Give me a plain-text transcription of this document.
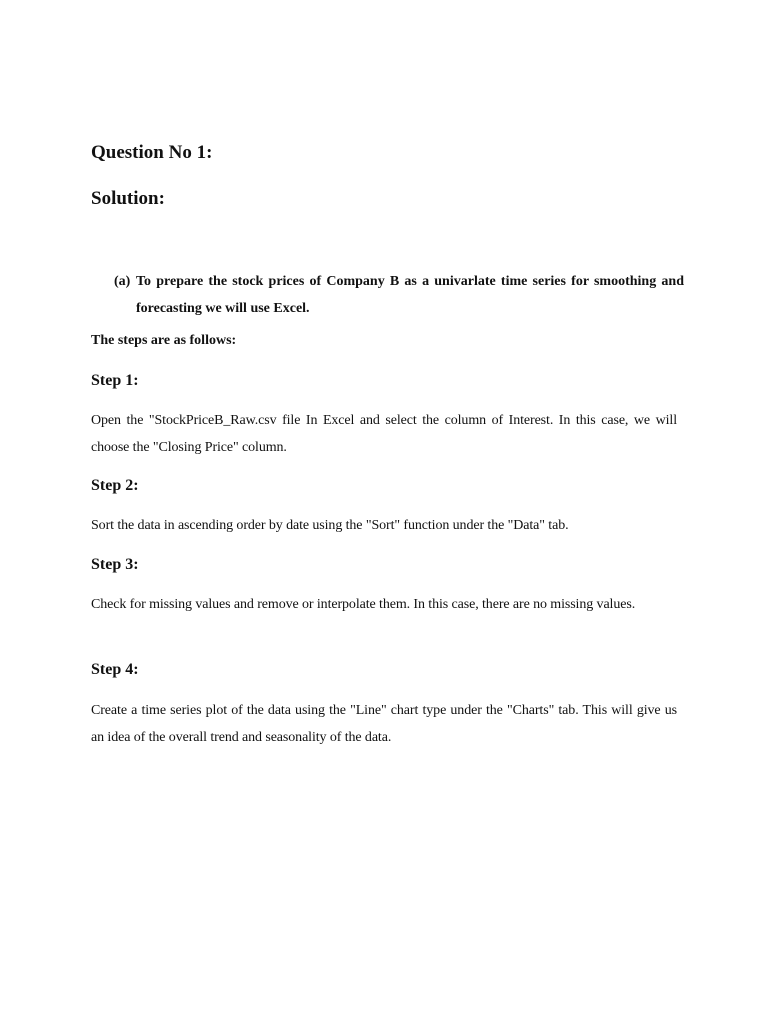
Question No 1:
Solution:

(a) To prepare the stock prices of Company B as a univarlate time series for smoothing and forecasting we will use Excel.

The steps are as follows:

Step 1:

Open the "StockPriceB_Raw.csv file In Excel and select the column of Interest. In this case, we will choose the "Closing Price" column.

Step 2:

Sort the data in ascending order by date using the "Sort" function under the "Data" tab.

Step 3:

Check for missing values and remove or interpolate them. In this case, there are no missing values.

Step 4:

Create a time series plot of the data using the "Line" chart type under the "Charts" tab. This will give us an idea of the overall trend and seasonality of the data.
